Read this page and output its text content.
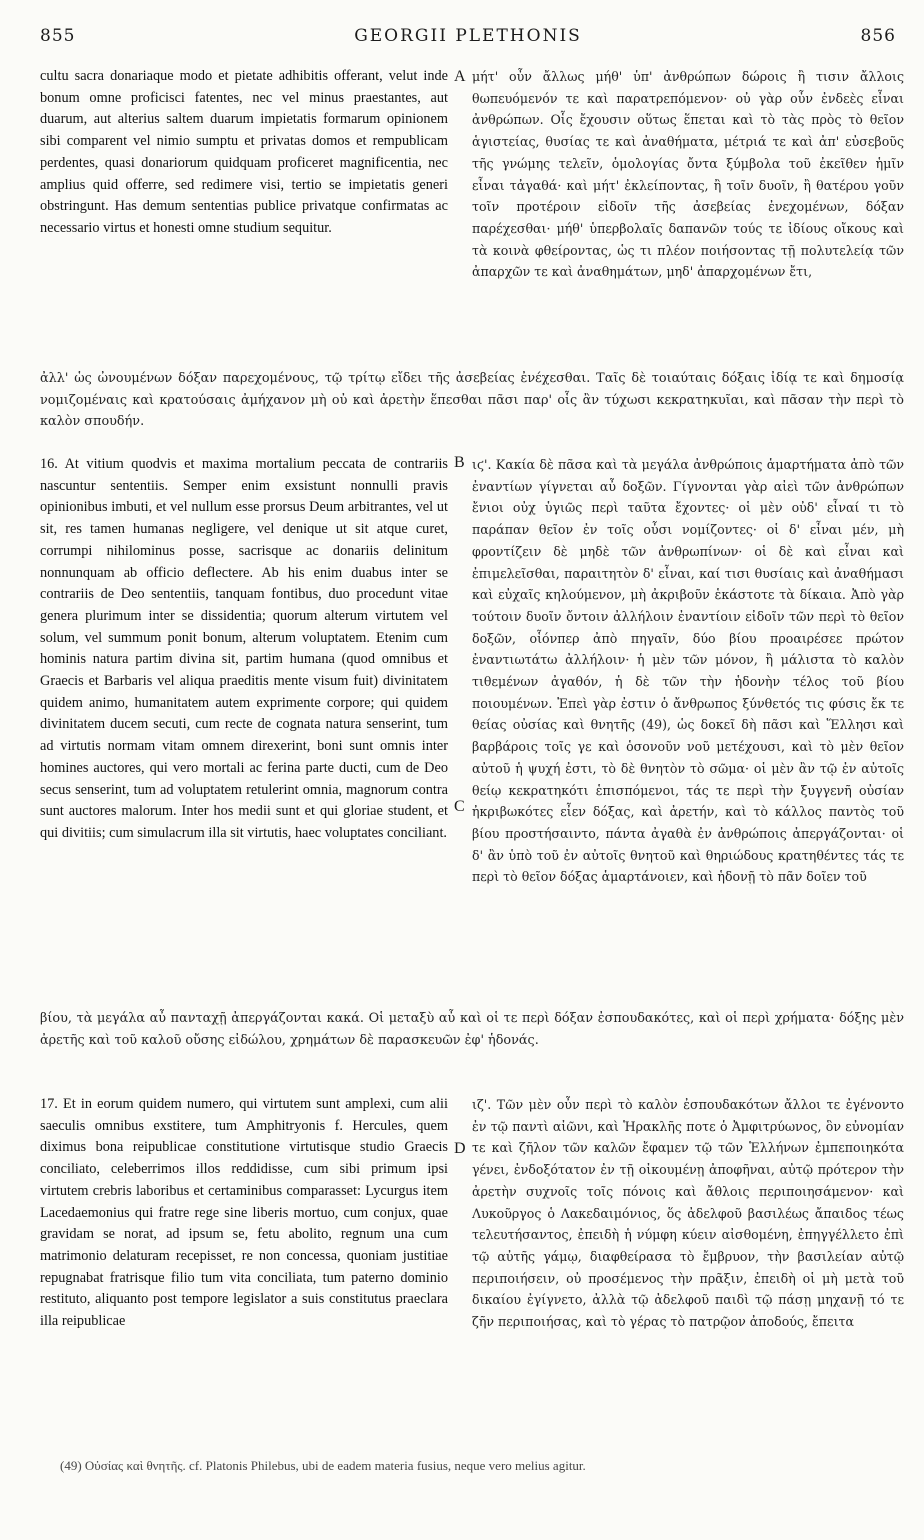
855	GEORGII PLETHONIS	856
A
B
C
D
cultu sacra donariaque modo et pietate adhibitis offerant, velut inde bonum omne proficisci fatentes, nec vel minus praestantes, aut duarum, aut alterius saltem duarum impietatis formarum opinionem sibi comparent vel nimio sumptu et privatas domos et rempublicam perdentes, quasi donariorum quidquam proficeret magnificentia, nec amplius quid offerre, sed redimere visi, tertio se impietatis generi obstringunt. Has demum sententias publice privatque confirmatas ac necessario virtus et honesti omne studium sequitur.
μήτ' οὖν ἄλλως μήθ' ὑπ' ἀνθρώπων δώροις ἢ τισιν ἄλλοις θωπευόμενόν τε καὶ παρατρεπόμενον· οὐ γὰρ οὖν ἐνδεὲς εἶναι ἀνθρώπων. Οἷς ἔχουσιν οὕτως ἕπεται καὶ τὸ τὰς πρὸς τὸ θεῖον ἁγιστείας, θυσίας τε καὶ ἀναθήματα, μέτριά τε καὶ ἀπ' εὐσεβοῦς τῆς γνώμης τελεῖν, ὁμολογίας ὄντα ξύμβολα τοῦ ἐκεῖθεν ἡμῖν εἶναι τἀγαθά· καὶ μήτ' ἐκλείποντας, ἢ τοῖν δυοῖν, ἢ θατέρου γοῦν τοῖν προτέροιν εἰδοῖν τῆς ἀσεβείας ἐνεχομένων, δόξαν παρέχεσθαι· μήθ' ὑπερβολαῖς δαπανῶν τούς τε ἰδίους οἴκους καὶ τὰ κοινὰ φθείροντας, ὡς τι πλέον ποιήσοντας τῇ πολυτελείᾳ τῶν ἀπαρχῶν τε καὶ ἀναθημάτων, μηδ' ἀπαρχομένων ἔτι,
ἀλλ' ὡς ὠνουμένων δόξαν παρεχομένους, τῷ τρίτῳ εἴδει τῆς ἀσεβείας ἐνέχεσθαι. Ταῖς δὲ τοιαύταις δόξαις ἰδίᾳ τε καὶ δημοσίᾳ νομιζομέναις καὶ κρατούσαις ἀμήχανον μὴ οὐ καὶ ἀρετὴν ἕπεσθαι πᾶσι παρ' οἷς ἂν τύχωσι κεκρατηκυῖαι, καὶ πᾶσαν τὴν περὶ τὸ καλὸν σπουδήν.
16. At vitium quodvis et maxima mortalium peccata de contrariis nascuntur sententiis. Semper enim exsistunt nonnulli pravis opinionibus imbuti, et vel nullum esse prorsus Deum arbitrantes, vel ut sit, res tamen humanas negligere, vel denique ut sit atque curet, corrumpi nihilominus posse, sacrisque ac donariis delinitum nonnunquam ab officio deflectere. Ab his enim duabus inter se contrariis de Deo sententiis, tanquam fontibus, duo procedunt vitae genera plurimum inter se dissidentia; quorum alterum virtutem vel solum, vel summum ponit bonum, alterum voluptatem. Etenim cum hominis natura partim divina sit, partim humana (quod omnibus et Graecis et Barbaris vel aliqua praeditis mente visum fuit) divinitatem quidem animo, humanitatem autem exprimente corpore; qui quidem divinitatem ducem secuti, cum recte de cognata natura senserint, tum ad virtutis normam vitam omnem direxerint, boni sunt omnis inter homines auctores, qui vero mortali ac ferina parte ducti, cum de Deo secus senserint, tum ad voluptatem retulerint omnia, magnorum contra sunt auctores malorum. Inter hos medii sunt et qui gloriae student, et qui divitiis; cum simulacrum illa sit virtutis, haec voluptates conciliant.
ιϛ'. Κακία δὲ πᾶσα καὶ τὰ μεγάλα ἀνθρώποις ἁμαρτήματα ἀπὸ τῶν ἐναντίων γίγνεται αὖ δοξῶν. Γίγνονται γὰρ αἰεὶ τῶν ἀνθρώπων ἔνιοι οὐχ ὑγιῶς περὶ ταῦτα ἔχοντες· οἱ μὲν οὐδ' εἶναί τι τὸ παράπαν θεῖον ἐν τοῖς οὖσι νομίζοντες· οἱ δ' εἶναι μέν, μὴ φροντίζειν δὲ μηδὲ τῶν ἀνθρωπίνων· οἱ δὲ καὶ εἶναι καὶ ἐπιμελεῖσθαι, παραιτητὸν δ' εἶναι, καί τισι θυσίαις καὶ ἀναθήμασι καὶ εὐχαῖς κηλούμενον, μὴ ἀκριβοῦν ἑκάστοτε τὰ δίκαια. Ἀπὸ γὰρ τούτοιν δυοῖν ὄντοιν ἀλλήλοιν ἐναντίοιν εἰδοῖν τῶν περὶ τὸ θεῖον δοξῶν, οἷόνπερ ἀπὸ πηγαῖν, δύο βίου προαιρέσεε πρώτον ἐναντιωτάτω ἀλλήλοιν· ἡ μὲν τῶν μόνον, ἢ μάλιστα τὸ καλὸν τιθεμένων ἀγαθόν, ἡ δὲ τῶν τὴν ἡδονὴν τέλος τοῦ βίου ποιουμένων. Ἐπεὶ γὰρ ἐστιν ὁ ἄνθρωπος ξύνθετός τις φύσις ἔκ τε θείας οὐσίας καὶ θνητῆς (49), ὡς δοκεῖ δὴ πᾶσι καὶ Ἕλλησι καὶ βαρβάροις τοῖς γε καὶ ὁσονοῦν νοῦ μετέχουσι, καὶ τὸ μὲν θεῖον αὐτοῦ ἡ ψυχή ἐστι, τὸ δὲ θνητὸν τὸ σῶμα· οἱ μὲν ἂν τῷ ἐν αὐτοῖς θείῳ κεκρατηκότι ἑπισπόμενοι, τάς τε περὶ τὴν ξυγγενῆ οὐσίαν ἠκριβωκότες εἶεν δόξας, καὶ ἀρετήν, καὶ τὸ κάλλος παντὸς τοῦ βίου προστήσαιντο, πάντα ἀγαθὰ ἐν ἀνθρώποις ἀπεργάζονται· οἱ δ' ἂν ὑπὸ τοῦ ἐν αὐτοῖς θνητοῦ καὶ θηριώδους κρατηθέντες τάς τε περὶ τὸ θεῖον δόξας ἁμαρτάνοιεν, καὶ ἡδονῇ τὸ πᾶν δοῖεν τοῦ
βίου, τὰ μεγάλα αὖ πανταχῇ ἀπεργάζονται κακά. Οἱ μεταξὺ αὖ καὶ οἱ τε περὶ δόξαν ἐσπουδακότες, καὶ οἱ περὶ χρήματα· δόξης μὲν ἀρετῆς καὶ τοῦ καλοῦ οὔσης εἰδώλου, χρημάτων δὲ παρασκευῶν ἐφ' ἡδονάς.
17. Et in eorum quidem numero, qui virtutem sunt amplexi, cum alii saeculis omnibus exstitere, tum Amphitryonis f. Hercules, quem diximus bona reipublicae constitutione virtutisque studio Graecis conciliato, celeberrimos illos reddidisse, cum sibi primum ipsi virtutem crebris laboribus et certaminibus comparasset: Lycurgus item Lacedaemonius qui fratre rege sine liberis mortuo, cum conjux, quae gravidam se norat, ad ipsum se, fetu abolito, regnum una cum matrimonio delaturam recepisset, re non concessa, quoniam justitiae repugnabat fratrisque filio tum vita conciliata, tum paterno dominio restituto, aliquanto post tempore legislator a suis constitutus praeclara illa reipublicae
ιζ'. Τῶν μὲν οὖν περὶ τὸ καλὸν ἐσπουδακότων ἄλλοι τε ἐγένοντο ἐν τῷ παντὶ αἰῶνι, καὶ Ἡρακλῆς ποτε ὁ Ἀμφιτρύωνος, ὃν εὐνομίαν τε καὶ ζῆλον τῶν καλῶν ἔφαμεν τῷ τῶν Ἑλλήνων ἐμπεποιηκότα γένει, ἐνδοξότατον ἐν τῇ οἰκουμένῃ ἀποφῆναι, αὐτῷ πρότερον τὴν ἀρετὴν συχνοῖς τοῖς πόνοις καὶ ἄθλοις περιποιησάμενον· καὶ Λυκοῦργος ὁ Λακεδαιμόνιος, ὅς ἀδελφοῦ βασιλέως ἄπαιδος τέως τελευτήσαντος, ἐπειδὴ ἡ νύμφη κύειν αἰσθομένη, ἐπηγγέλλετο ἐπὶ τῷ αὐτῆς γάμῳ, διαφθείρασα τὸ ἔμβρυον, τὴν βασιλείαν αὐτῷ περιποιήσειν, οὐ προσέμενος τὴν πρᾶξιν, ἐπειδὴ οἱ μὴ μετὰ τοῦ δικαίου ἐγίγνετο, ἀλλὰ τῷ ἀδελφοῦ παιδὶ τῷ πάσῃ μηχανῇ τό τε ζῆν περιποιήσας, καὶ τὸ γέρας τὸ πατρῷον ἀποδούς, ἔπειτα
(49) Οὐσίας καὶ θνητῆς. cf. Platonis Philebus, ubi de eadem materia fusius, neque vero melius agitur.
